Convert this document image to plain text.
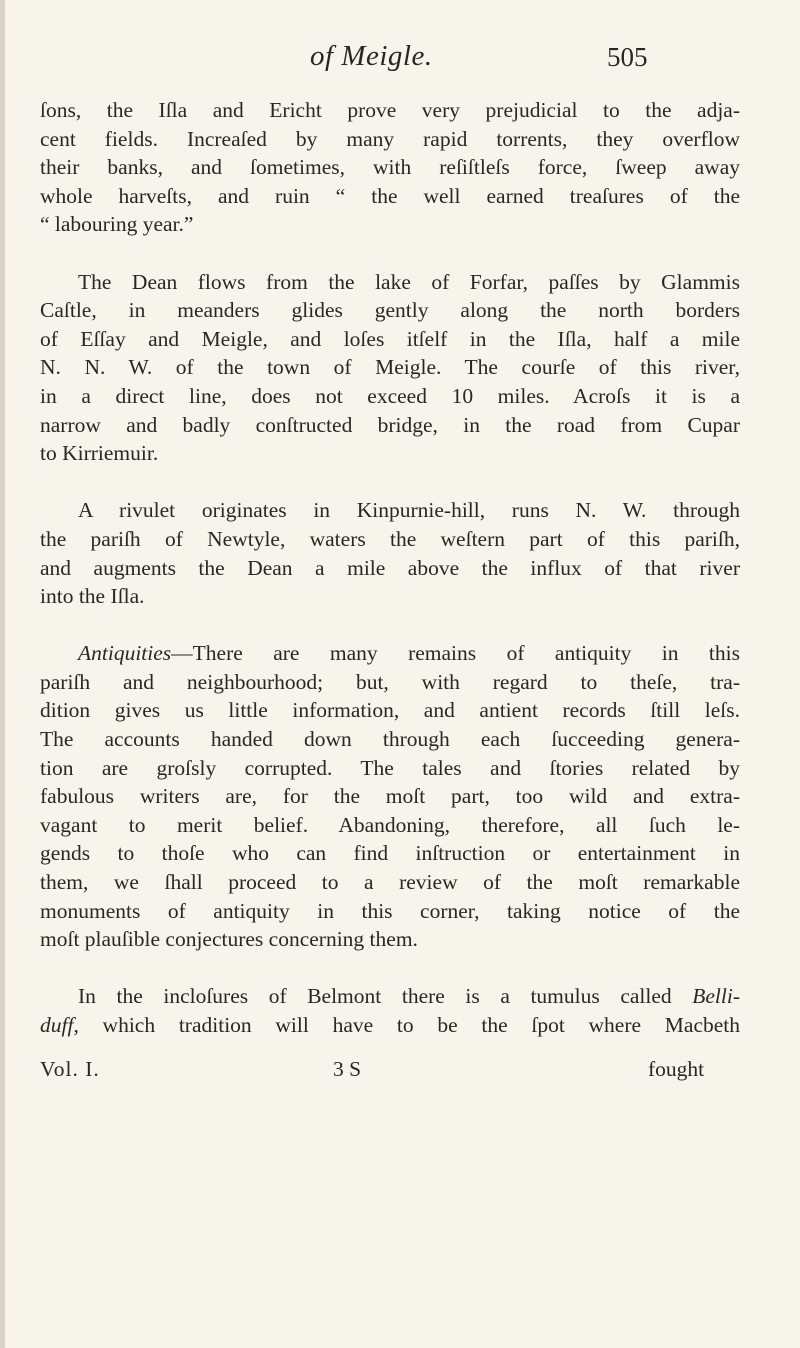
of Meigle.	505
ſons, the Iſla and Ericht prove very prejudicial to the adja-
cent fields. Increaſed by many rapid torrents, they overflow
their banks, and ſometimes, with reſiſtleſs force, ſweep away
whole harveſts, and ruin “ the well earned treaſures of the
“ labouring year.”
The Dean flows from the lake of Forfar, paſſes by Glammis
Caſtle, in meanders glides gently along the north borders
of Eſſay and Meigle, and loſes itſelf in the Iſla, half a mile
N. N. W. of the town of Meigle. The courſe of this river,
in a direct line, does not exceed 10 miles. Acroſs it is a
narrow and badly conſtructed bridge, in the road from Cupar
to Kirriemuir.
A rivulet originates in Kinpurnie-hill, runs N. W. through
the pariſh of Newtyle, waters the weſtern part of this pariſh,
and augments the Dean a mile above the influx of that river
into the Iſla.
Antiquities—There are many remains of antiquity in this
pariſh and neighbourhood; but, with regard to theſe, tra-
dition gives us little information, and antient records ſtill leſs.
The accounts handed down through each ſucceeding genera-
tion are groſsly corrupted. The tales and ſtories related by
fabulous writers are, for the moſt part, too wild and extra-
vagant to merit belief. Abandoning, therefore, all ſuch le-
gends to thoſe who can find inſtruction or entertainment in
them, we ſhall proceed to a review of the moſt remarkable
monuments of antiquity in this corner, taking notice of the
moſt plauſible conjectures concerning them.
In the incloſures of Belmont there is a tumulus called Belli-
duff, which tradition will have to be the ſpot where Macbeth
Vol. I.	3 S	fought
